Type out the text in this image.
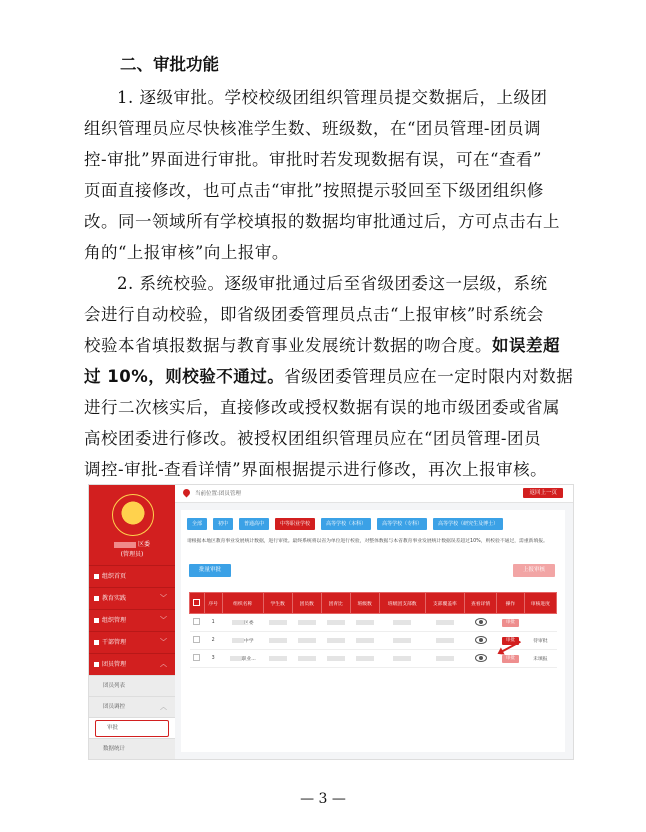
二、审批功能
1. 逐级审批。学校校级团组织管理员提交数据后，上级团
组织管理员应尽快核准学生数、班级数，在“团员管理-团员调
控-审批”界面进行审批。审批时若发现数据有误，可在“查看”
页面直接修改，也可点击“审批”按照提示驳回至下级团组织修
改。同一领域所有学校填报的数据均审批通过后，方可点击右上
角的“上报审核”向上报审。
2. 系统校验。逐级审批通过后至省级团委这一层级，系统
会进行自动校验，即省级团委管理员点击“上报审核”时系统会
校验本省填报数据与教育事业发展统计数据的吻合度。如误差超
过 10%，则校验不通过。省级团委管理员应在一定时限内对数据
进行二次核实后，直接修改或授权数据有误的地市级团委或省属
高校团委进行修改。被授权团组织管理员应在“团员管理-团员
调控-审批-查看详情”界面根据提示进行修改，再次上报审核。
区委
(管理员)
组织首页
教育实践	﹀
组织管理	﹀
干部管理	﹀
团员管理	︿
团员列表
团员调控	︿
审批
数据统计
当前位置:团员管理	返回上一页
全部	初中	普通高中	中等职业学校	高等学校（本科）	高等学校（专科）	高等学校（研究生及博士）
请根据本地区教育事业发展统计数据，进行审批。最终系统将以省为单位进行校验，对整体数据与本省教育事业发展统计数据误差超过10%，则校验不通过，需重新填报。
批量审批	上报审核
	序号	组织名称	学生数	团员数	团青比	班级数	班级团支部数	支部覆盖率	查看详情	操作	审核进度
	1	区委								审批	
	2	中学								审批	待审批
	3	职业...								审批	未填报
— 3 —
